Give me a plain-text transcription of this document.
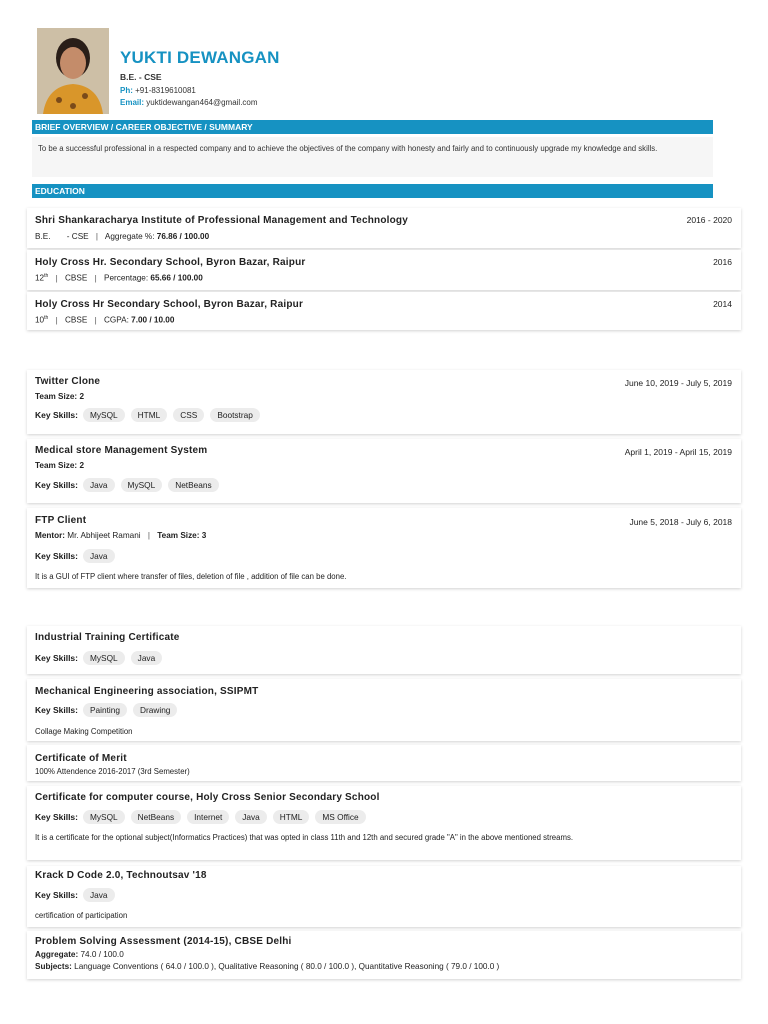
YUKTI DEWANGAN
B.E. - CSE
Ph: +91-8319610081
Email: yuktidewangan464@gmail.com
BRIEF OVERVIEW / CAREER OBJECTIVE / SUMMARY
To be a successful professional in a respected company and to achieve the objectives of the company with honesty and fairly and to continuously upgrade my knowledge and skills.
EDUCATION
Shri Shankaracharya Institute of Professional Management and Technology	2016 - 2020
B.E. - CSE | Aggregate %: 76.86 / 100.00
Holy Cross Hr. Secondary School, Byron Bazar, Raipur	2016
12th | CBSE | Percentage: 65.66 / 100.00
Holy Cross Hr Secondary School, Byron Bazar, Raipur	2014
10th | CBSE | CGPA: 7.00 / 10.00
Twitter Clone	June 10, 2019 - July 5, 2019
Team Size: 2
Key Skills:	MySQL	HTML	CSS	Bootstrap
Medical store Management System	April 1, 2019 - April 15, 2019
Team Size: 2
Key Skills:	Java	MySQL	NetBeans
FTP Client	June 5, 2018 - July 6, 2018
Mentor: Mr. Abhijeet Ramani | Team Size: 3
Key Skills:	Java
It is a GUI of FTP client where transfer of files, deletion of file , addition of file can be done.
Industrial Training Certificate
Key Skills:	MySQL	Java
Mechanical Engineering association, SSIPMT
Key Skills:	Painting	Drawing
Collage Making Competition
Certificate of Merit
100% Attendence 2016-2017 (3rd Semester)
Certificate for computer course, Holy Cross Senior Secondary School
Key Skills:	MySQL	NetBeans	Internet	Java	HTML	MS Office
It is a certificate for the optional subject(Informatics Practices) that was opted in class 11th and 12th and secured grade "A" in the above mentioned streams.
Krack D Code 2.0, Technoutsav '18
Key Skills:	Java
certification of participation
Problem Solving Assessment (2014-15), CBSE Delhi
Aggregate: 74.0 / 100.0
Subjects: Language Conventions ( 64.0 / 100.0 ), Qualitative Reasoning ( 80.0 / 100.0 ), Quantitative Reasoning ( 79.0 / 100.0 )
